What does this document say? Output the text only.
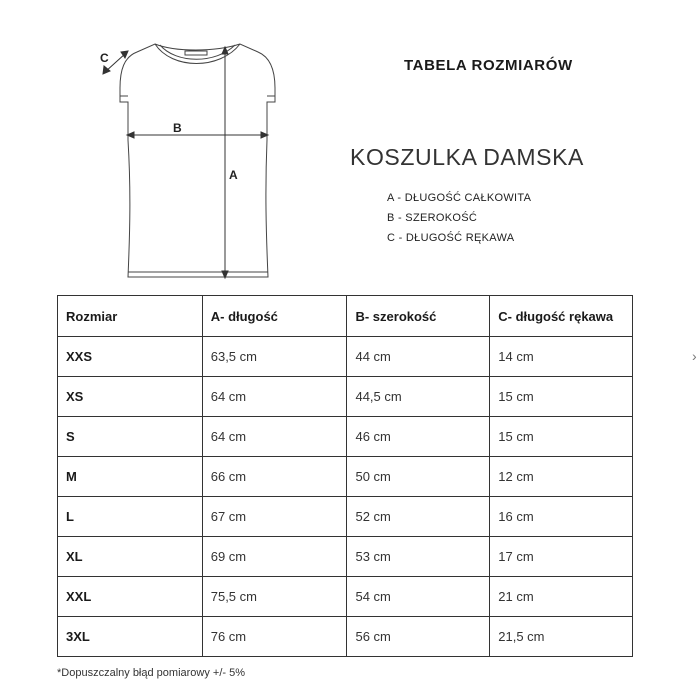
A
B
C	TABELA ROZMIARÓW
KOSZULKA DAMSKA
A - DŁUGOŚĆ CAŁKOWITA
B - SZEROKOŚĆ
C - DŁUGOŚĆ RĘKAWA
Rozmiar	A- długość	B- szerokość	C- długość rękawa
XXS	63,5 cm	44 cm	14 cm
XS	64 cm	44,5 cm	15 cm
S	64 cm	46 cm	15 cm
M	66 cm	50 cm	12 cm
L	67 cm	52 cm	16 cm
XL	69 cm	53 cm	17 cm
XXL	75,5 cm	54 cm	21 cm
3XL	76 cm	56 cm	21,5 cm
*Dopuszczalny błąd pomiarowy +/- 5%
›
